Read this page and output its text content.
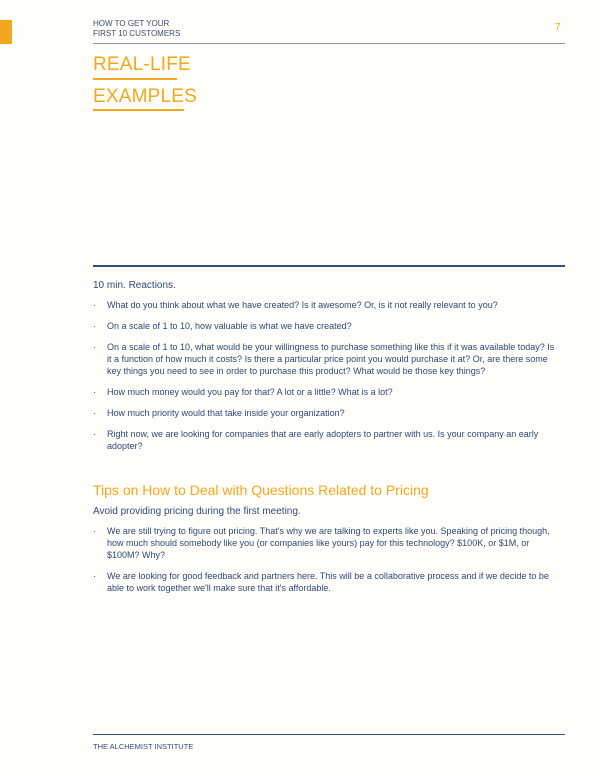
HOW TO GET YOUR
FIRST 10 CUSTOMERS
7
REAL-LIFE
EXAMPLES
10 min. Reactions.
· What do you think about what we have created? Is it awesome? Or, is it not really relevant to you?
· On a scale of 1 to 10, how valuable is what we have created?
· On a scale of 1 to 10, what would be your willingness to purchase something like this if it was available today? Is it a function of how much it costs? Is there a particular price point you would purchase it at? Or, are there some key things you need to see in order to purchase this product? What would be those key things?
· How much money would you pay for that? A lot or a little? What is a lot?
· How much priority would that take inside your organization?
· Right now, we are looking for companies that are early adopters to partner with us. Is your company an early adopter?
Tips on How to Deal with Questions Related to Pricing
Avoid providing pricing during the first meeting.
· We are still trying to figure out pricing. That's why we are talking to experts like you. Speaking of pricing though, how much should somebody like you (or companies like yours) pay for this technology? $100K, or $1M, or $100M? Why?
· We are looking for good feedback and partners here. This will be a collaborative process and if we decide to be able to work together we'll make sure that it's affordable.
THE ALCHEMIST INSTITUTE
